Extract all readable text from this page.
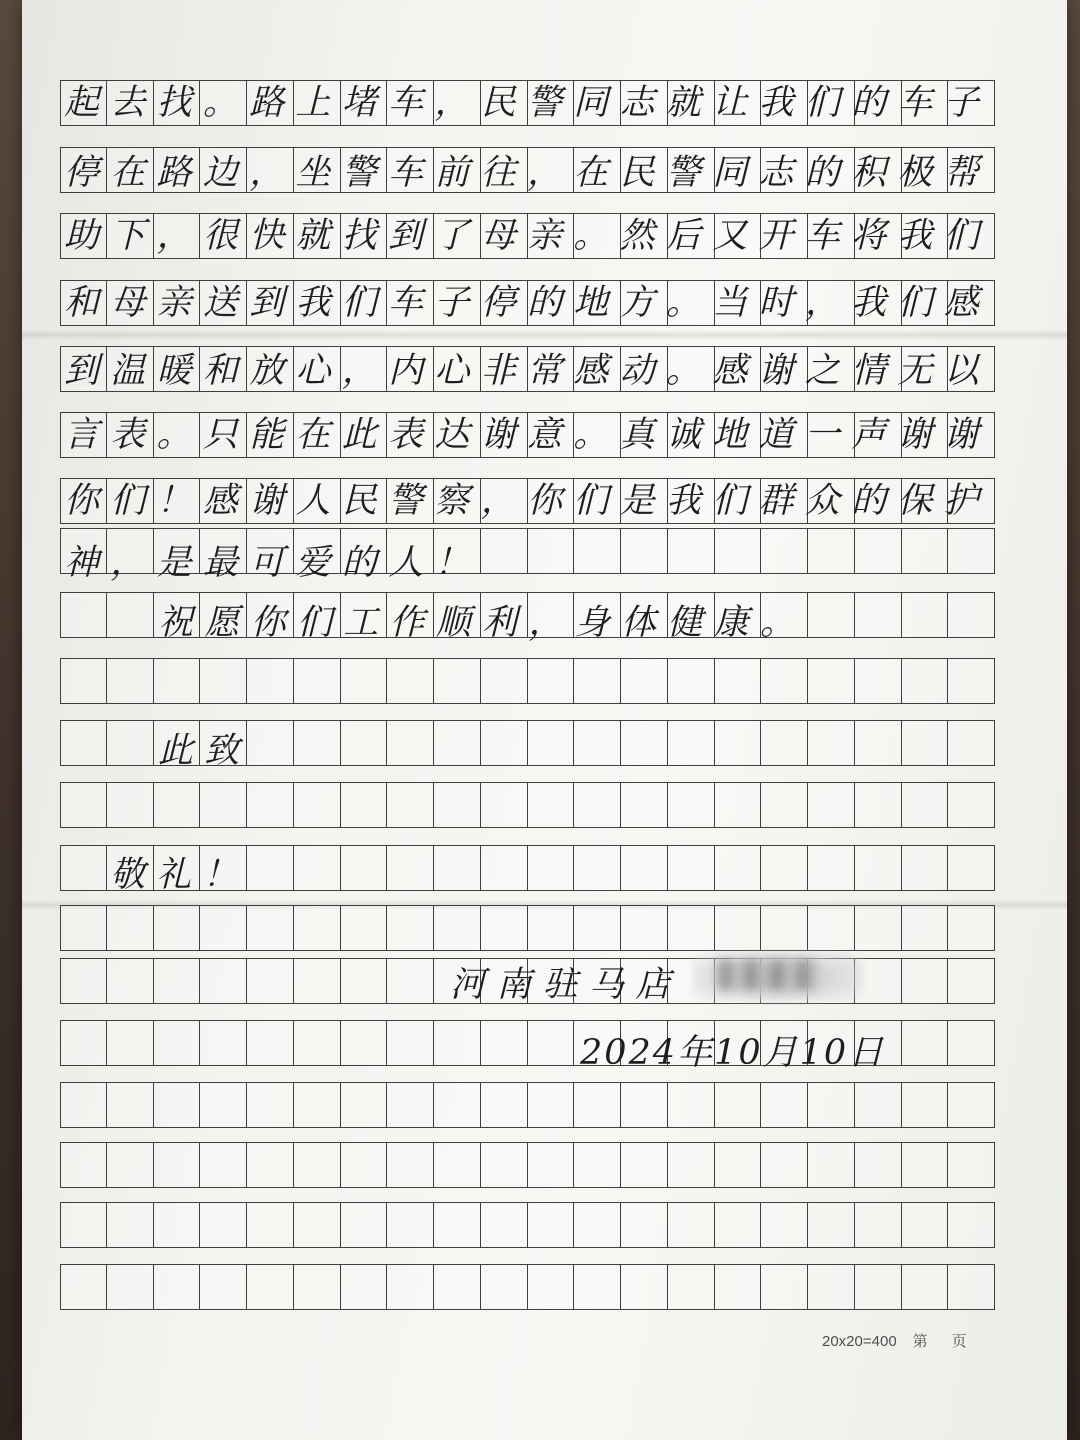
起去找。路上堵车，民警同志就让我们的车子
停在路边，坐警车前往，在民警同志的积极帮
助下，很快就找到了母亲。然后又开车将我们
和母亲送到我们车子停的地方。当时，我们感
到温暖和放心，内心非常感动。感谢之情无以
言表。只能在此表达谢意。真诚地道一声谢谢
你们！感谢人民警察，你们是我们群众的保护
神，是最可爱的人！
祝愿你们工作顺利，身体健康。
此致
敬礼！
河南驻马店
2024年10月10日
20x20=400 第 页
